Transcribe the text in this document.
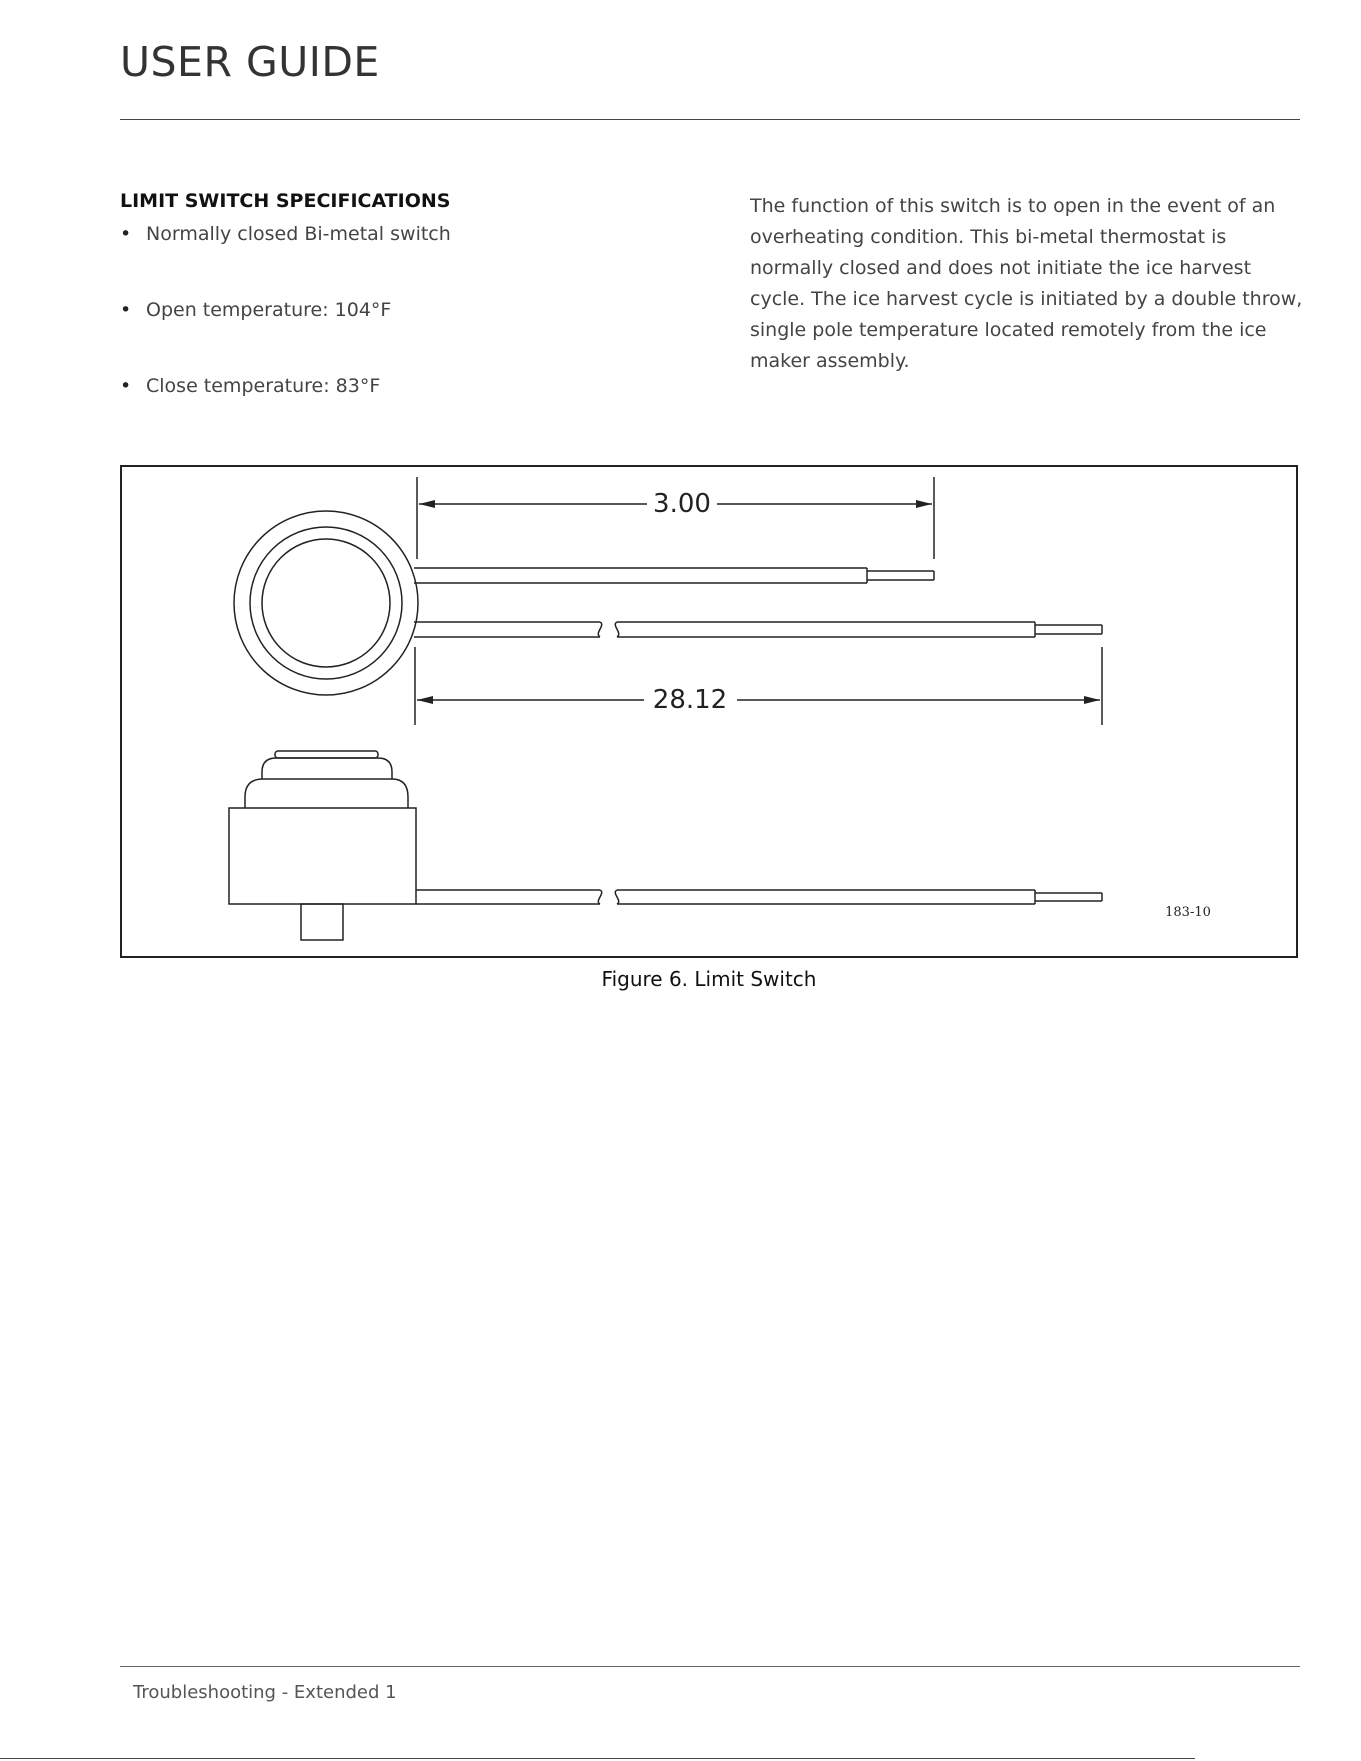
USER GUIDE
LIMIT SWITCH SPECIFICATIONS
• Normally closed Bi-metal switch
• Open temperature: 104°F
• Close temperature: 83°F

The function of this switch is to open in the event of an overheating condition. This bi-metal thermostat is normally closed and does not initiate the ice harvest cycle. The ice harvest cycle is initiated by a double throw, single pole temperature located remotely from the ice maker assembly.

3.00
28.12
183-10
Figure 6. Limit Switch
Troubleshooting - Extended 1
